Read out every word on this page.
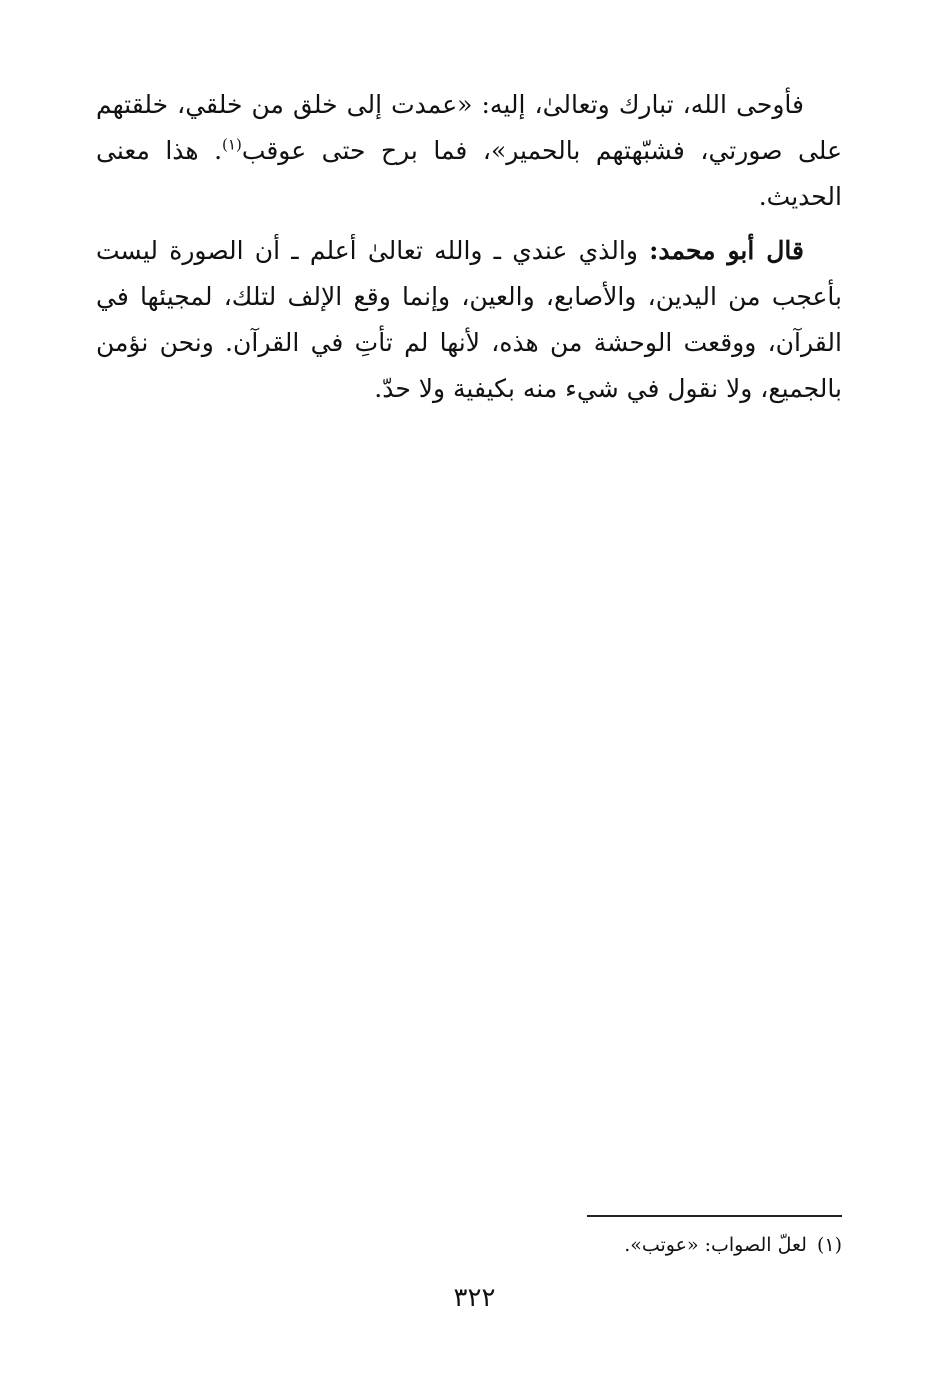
فأوحى الله، تبارك وتعالىٰ، إليه: «عمدت إلى خلق من خلقي، خلقتهم على صورتي، فشبّهتهم بالحمير»، فما برح حتى عوقب$^{(١)}$. هذا معنى الحديث.

قال أبو محمد: والذي عندي ـ والله تعالىٰ أعلم ـ أن الصورة ليست بأعجب من اليدين، والأصابع، والعين، وإنما وقع الإلف لتلك، لمجيئها في القرآن، ووقعت الوحشة من هذه، لأنها لم تأتِ في القرآن. ونحن نؤمن بالجميع، ولا نقول في شيء منه بكيفية ولا حدّ.

(١)لعلّ الصواب: «عوتب».
٣٢٢
